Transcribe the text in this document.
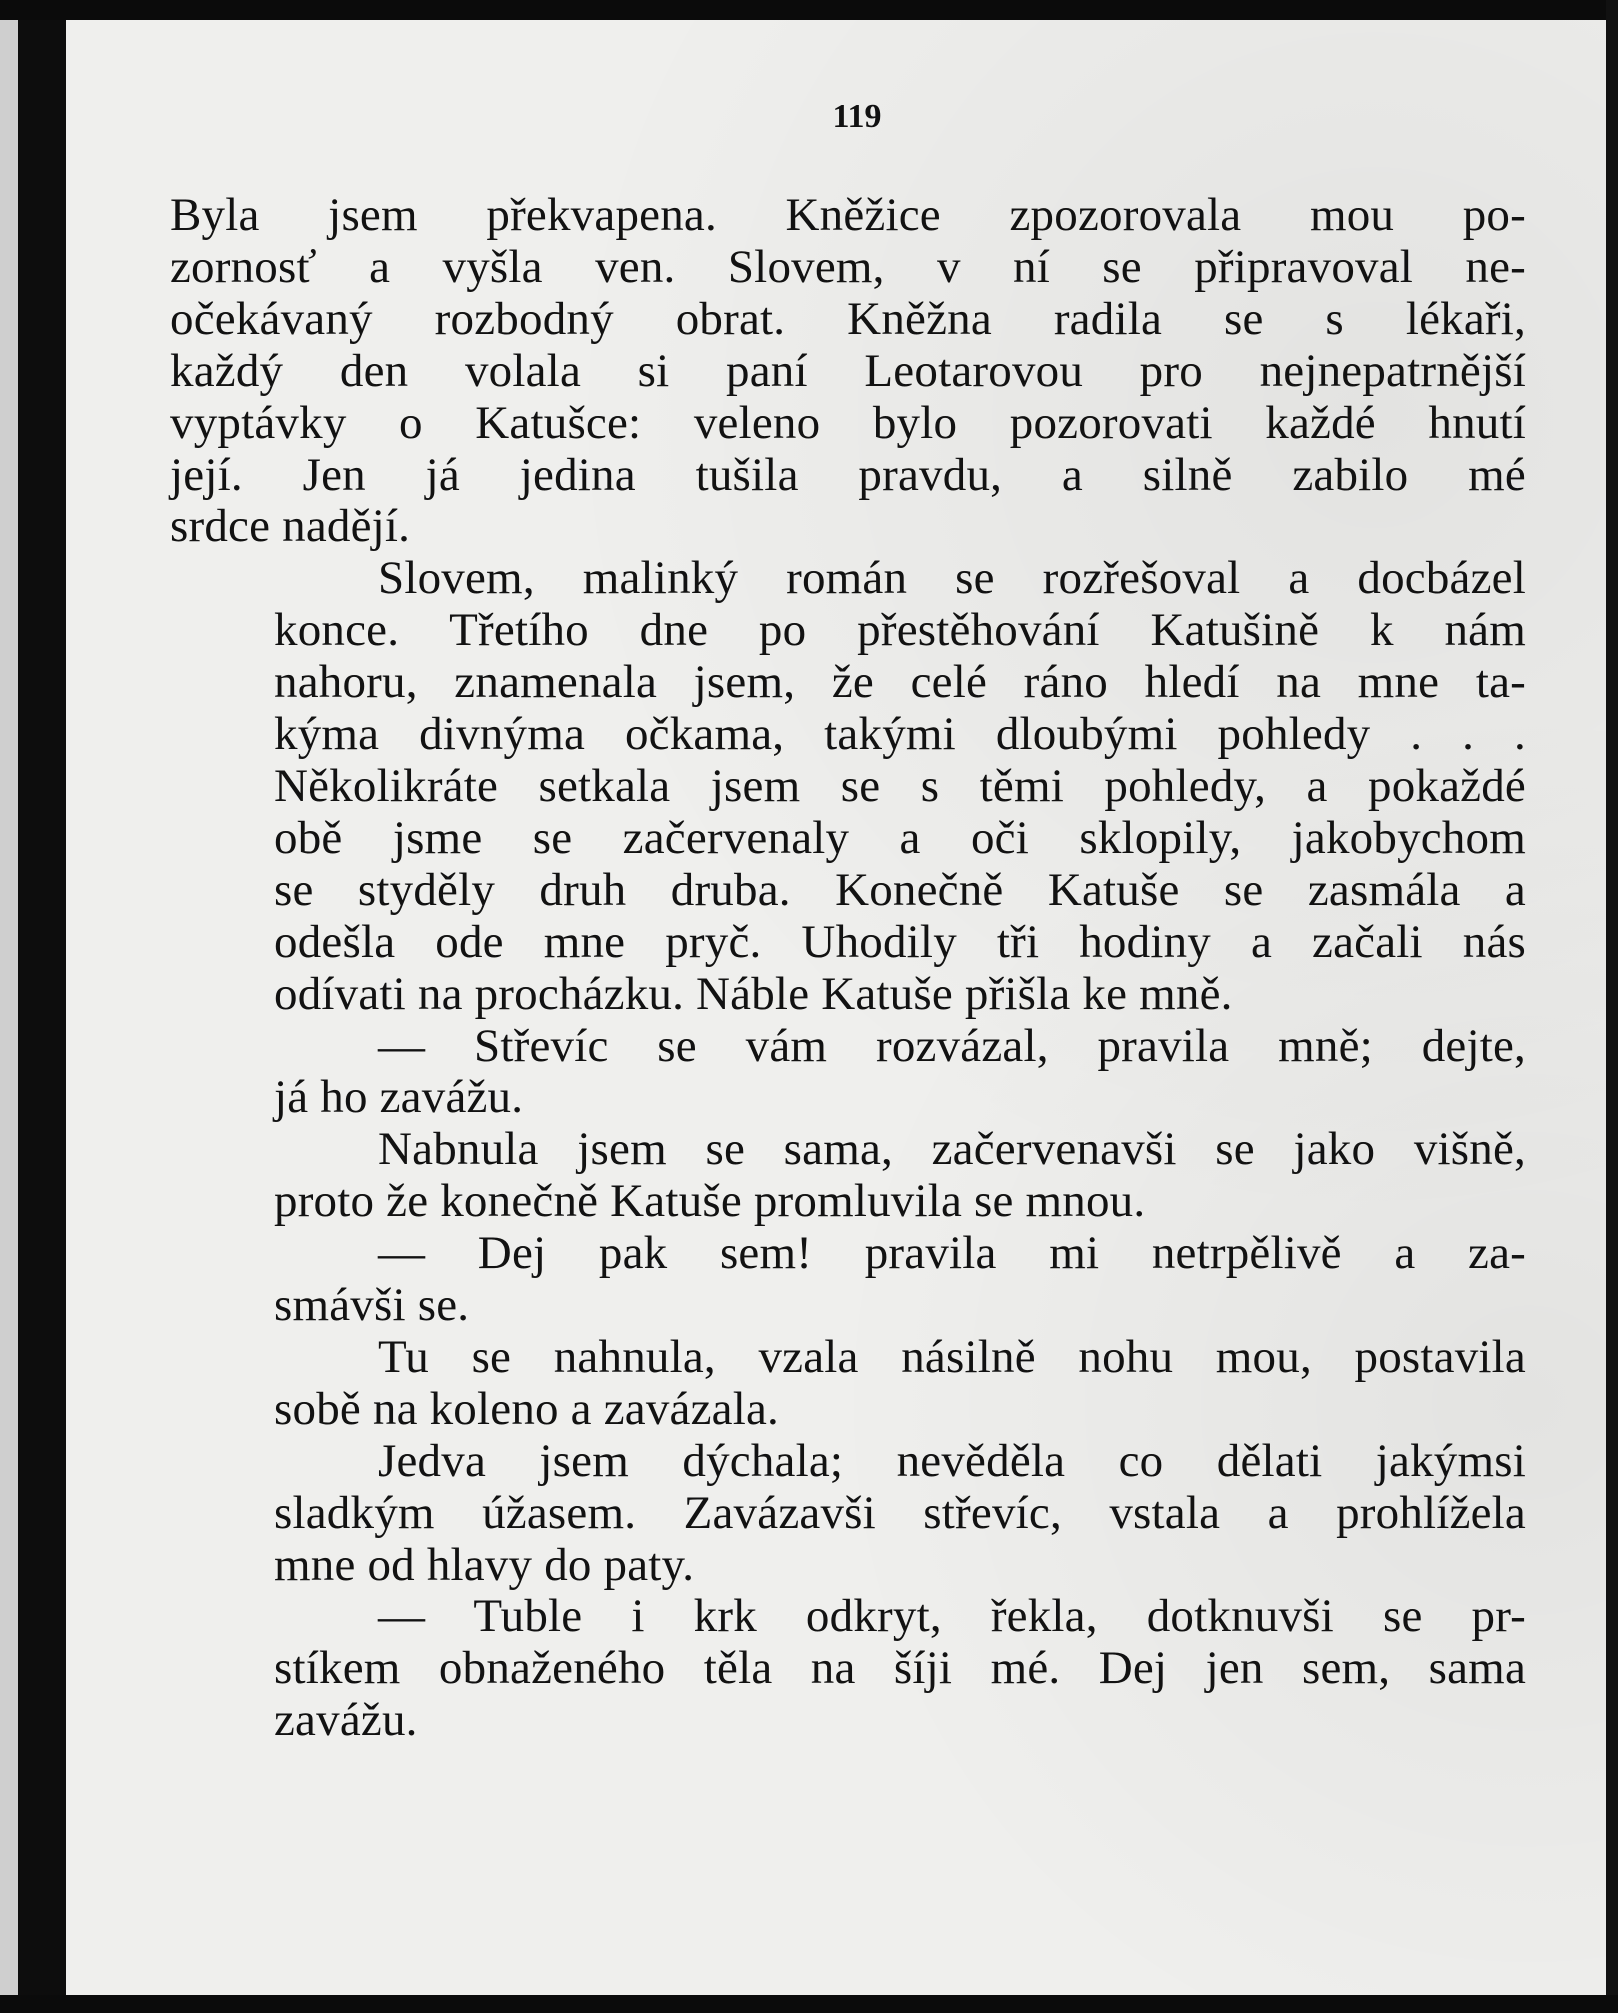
119
Byla jsem překvapena. Kněžice zpozorovala mou po-
zornosť a vyšla ven. Slovem, v ní se připravoval ne-
očekávaný rozbodný obrat. Kněžna radila se s lékaři,
každý den volala si paní Leotarovou pro nejnepatrnější
vyptávky o Katušce: veleno bylo pozorovati každé hnutí
její. Jen já jedina tušila pravdu, a silně zabilo mé
srdce nadějí.
Slovem, malinký román se rozřešoval a docbázel
konce. Třetího dne po přestěhování Katušině k nám
nahoru, znamenala jsem, že celé ráno hledí na mne ta-
kýma divnýma očkama, takými dloubými pohledy . . .
Několikráte setkala jsem se s těmi pohledy, a pokaždé
obě jsme se začervenaly a oči sklopily, jakobychom
se styděly druh druba. Konečně Katuše se zasmála a
odešla ode mne pryč. Uhodily tři hodiny a začali nás
odívati na procházku. Náble Katuše přišla ke mně.
— Střevíc se vám rozvázal, pravila mně; dejte,
já ho zavážu.
Nabnula jsem se sama, začervenavši se jako višně,
proto že konečně Katuše promluvila se mnou.
— Dej pak sem! pravila mi netrpělivě a za-
smávši se.
Tu se nahnula, vzala násilně nohu mou, postavila
sobě na koleno a zavázala.
Jedva jsem dýchala; nevěděla co dělati jakýmsi
sladkým úžasem. Zavázavši střevíc, vstala a prohlížela
mne od hlavy do paty.
— Tuble i krk odkryt, řekla, dotknuvši se pr-
stíkem obnaženého těla na šíji mé. Dej jen sem, sama
zavážu.
